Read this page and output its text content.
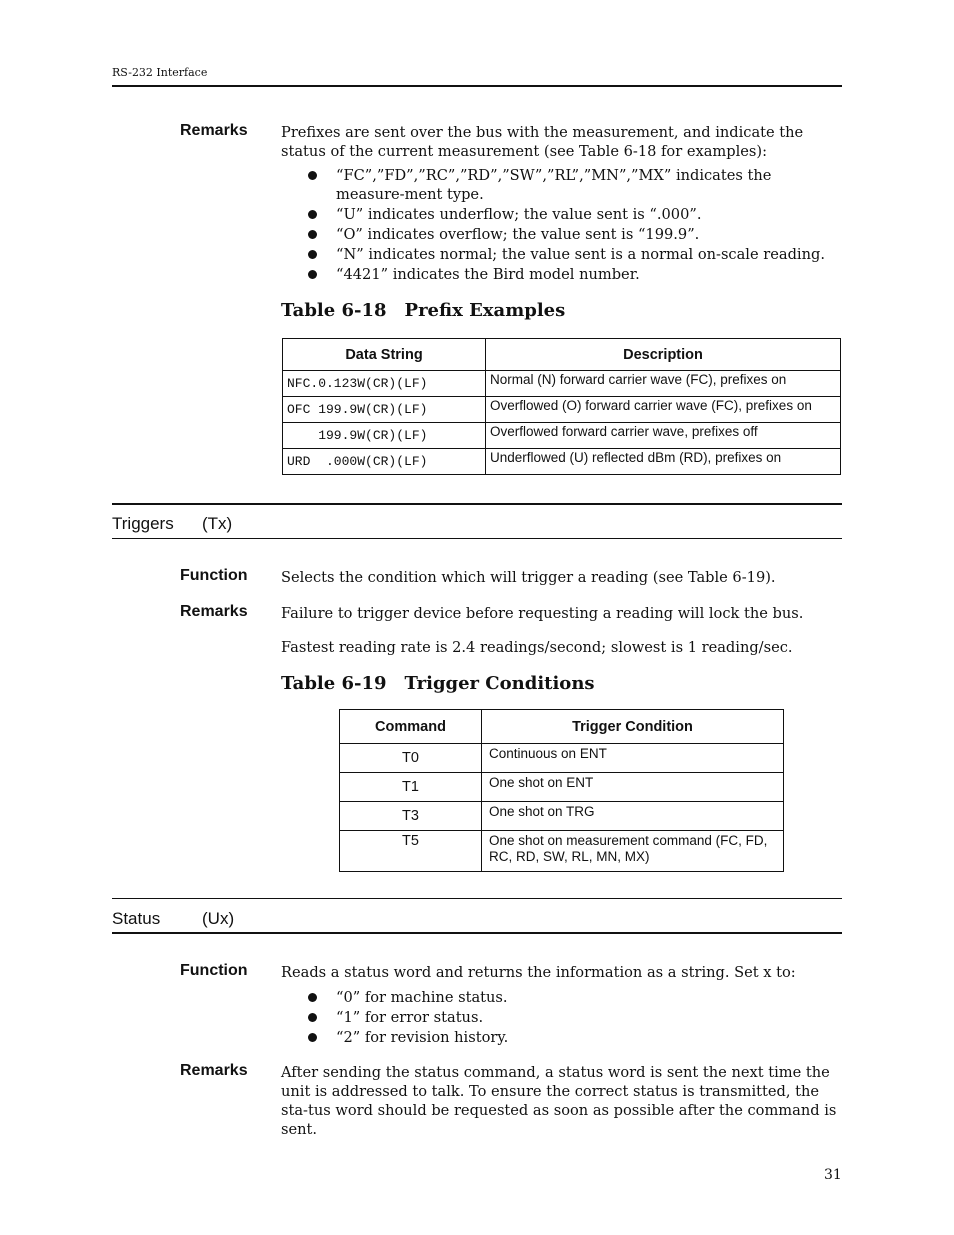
RS-232 Interface
Remarks Prefixes are sent over the bus with the measurement, and indicate the status of the current measurement (see Table 6-18 for examples):
“FC”,”FD”,”RC”,”RD”,”SW”,”RL”,”MN”,”MX” indicates the measure-ment type.
“U” indicates underflow; the value sent is “.000”.
“O” indicates overflow; the value sent is “199.9”.
“N” indicates normal; the value sent is a normal on-scale reading.
“4421” indicates the Bird model number.
Table 6-18 Prefix Examples
Data String	Description
NFC.0.123W(CR)(LF)	Normal (N) forward carrier wave (FC), prefixes on
OFC 199.9W(CR)(LF)	Overflowed (O) forward carrier wave (FC), prefixes on
199.9W(CR)(LF)	Overflowed forward carrier wave, prefixes off
URD  .000W(CR)(LF)	Underflowed (U) reflected dBm (RD), prefixes on
Triggers (Tx)
Function Selects the condition which will trigger a reading (see Table 6-19).
Remarks Failure to trigger device before requesting a reading will lock the bus.
Fastest reading rate is 2.4 readings/second; slowest is 1 reading/sec.
Table 6-19 Trigger Conditions
Command	Trigger Condition
T0	Continuous on ENT
T1	One shot on ENT
T3	One shot on TRG
T5	One shot on measurement command (FC, FD, RC, RD, SW, RL, MN, MX)
Status (Ux)
Function Reads a status word and returns the information as a string. Set x to:
“0” for machine status.
“1” for error status.
“2” for revision history.
Remarks After sending the status command, a status word is sent the next time the unit is addressed to talk. To ensure the correct status is transmitted, the sta-tus word should be requested as soon as possible after the command is sent.
31
